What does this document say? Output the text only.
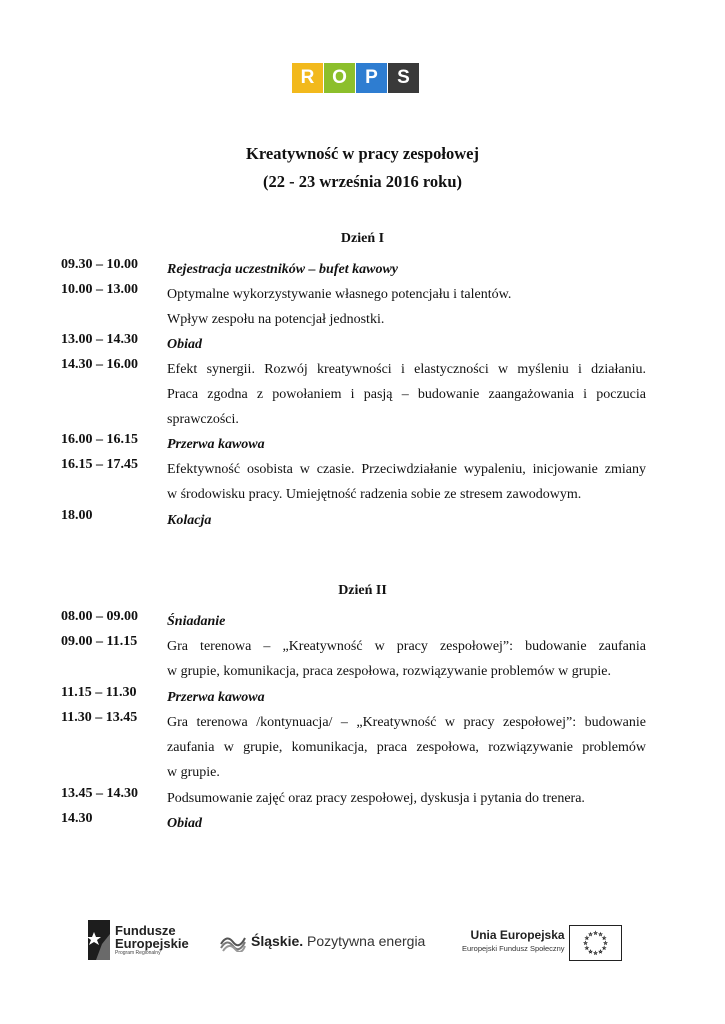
R O P	S
Kreatywność w pracy zespołowej
(22 - 23 września 2016 roku)
Dzień I
09.30 – 10.00 Rejestracja uczestników – bufet kawowy
10.00 – 13.00 Optymalne wykorzystywanie własnego potencjału i talentów.
Wpływ zespołu na potencjał jednostki.
13.00 – 14.30 Obiad
14.30 – 16.00 Efekt synergii. Rozwój kreatywności i elastyczności w myśleniu i działaniu.
Praca zgodna z powołaniem i pasją – budowanie zaangażowania i poczucia
sprawczości.
16.00 – 16.15 Przerwa kawowa
16.15 – 17.45 Efektywność osobista w czasie. Przeciwdziałanie wypaleniu, inicjowanie zmiany
w środowisku pracy. Umiejętność radzenia sobie ze stresem zawodowym.
18.00	Kolacja
Dzień II
08.00 – 09.00 Śniadanie
09.00 – 11.15 Gra terenowa – „Kreatywność w pracy zespołowej”: budowanie zaufania
w grupie, komunikacja, praca zespołowa, rozwiązywanie problemów w grupie.
11.15 – 11.30 Przerwa kawowa
11.30 – 13.45 Gra terenowa /kontynuacja/ – „Kreatywność w pracy zespołowej”: budowanie
zaufania w grupie, komunikacja, praca zespołowa, rozwiązywanie problemów
w grupie.
13.45 – 14.30 Podsumowanie zajęć oraz pracy zespołowej, dyskusja i pytania do trenera.
14.30	Obiad
Fundusze
Europejskie
Program Regionalny
Śląskie. Pozytywna energia	Unia Europejska
Europejski Fundusz Społeczny
